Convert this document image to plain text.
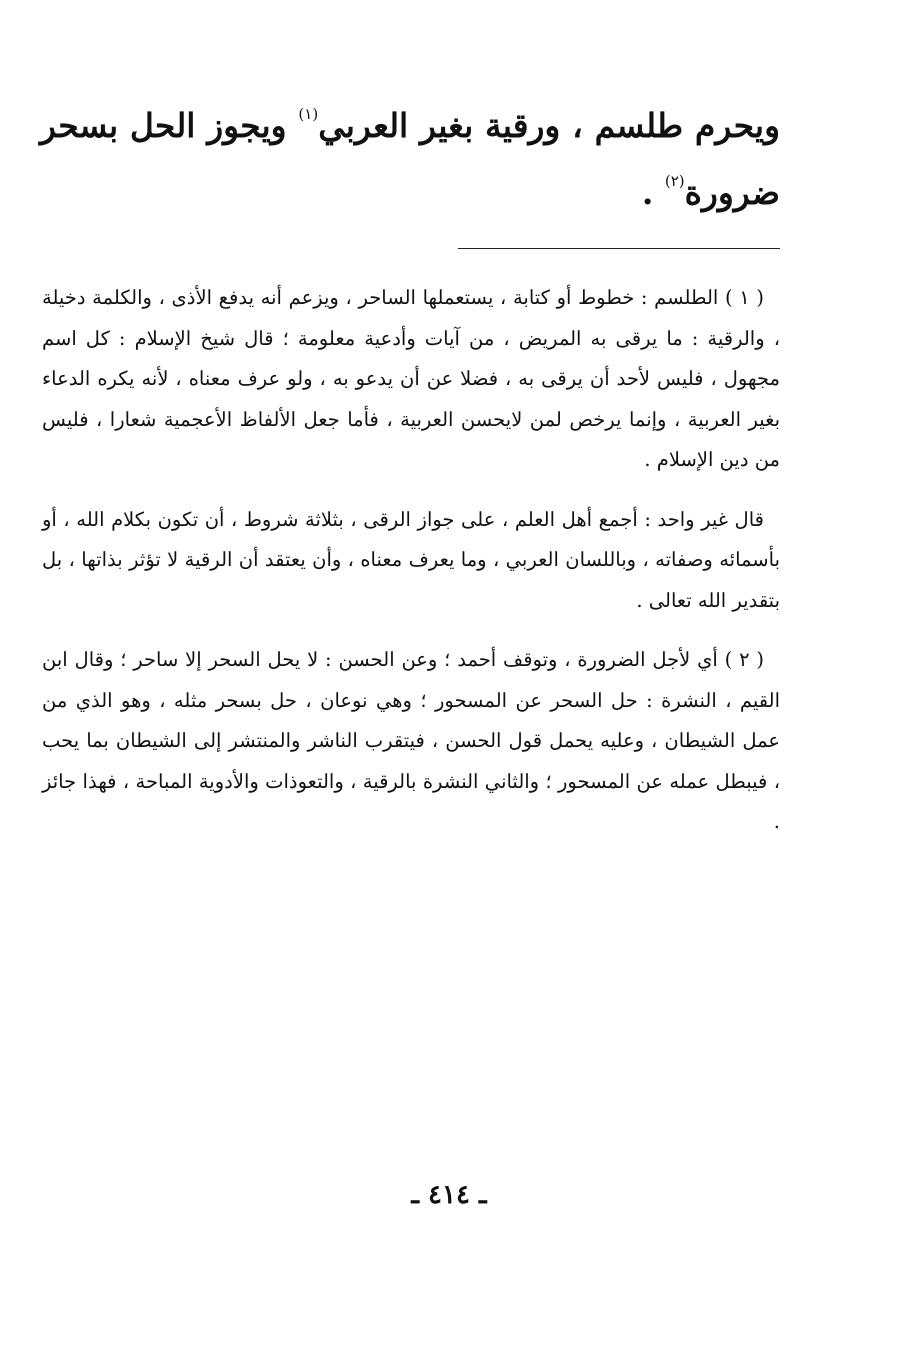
ويحرم طلسم ، ورقية بغير العربي$^{(١)}$ ويجوز الحل بسحر ضرورة$^{(٢)}$ .

( ١ ) الطلسم : خطوط أو كتابة ، يستعملها الساحر ، ويزعم أنه يدفع الأذى ، والكلمة دخيلة ، والرقية : ما يرقى به المريض ، من آيات وأدعية معلومة ؛ قال شيخ الإسلام : كل اسم مجهول ، فليس لأحد أن يرقى به ، فضلا عن أن يدعو به ، ولو عرف معناه ، لأنه يكره الدعاء بغير العربية ، وإنما يرخص لمن لايحسن العربية ، فأما جعل الألفاظ الأعجمية شعارا ، فليس من دين الإسلام .

قال غير واحد : أجمع أهل العلم ، على جواز الرقى ، بثلاثة شروط ، أن تكون بكلام الله ، أو بأسمائه وصفاته ، وباللسان العربي ، وما يعرف معناه ، وأن يعتقد أن الرقية لا تؤثر بذاتها ، بل بتقدير الله تعالى .

( ٢ ) أي لأجل الضرورة ، وتوقف أحمد ؛ وعن الحسن : لا يحل السحر إلا ساحر ؛ وقال ابن القيم ، النشرة : حل السحر عن المسحور ؛ وهي نوعان ، حل بسحر مثله ، وهو الذي من عمل الشيطان ، وعليه يحمل قول الحسن ، فيتقرب الناشر والمنتشر إلى الشيطان بما يحب ، فيبطل عمله عن المسحور ؛ والثاني النشرة بالرقية ، والتعوذات والأدوية المباحة ، فهذا جائز .

ـ ٤١٤ ـ
